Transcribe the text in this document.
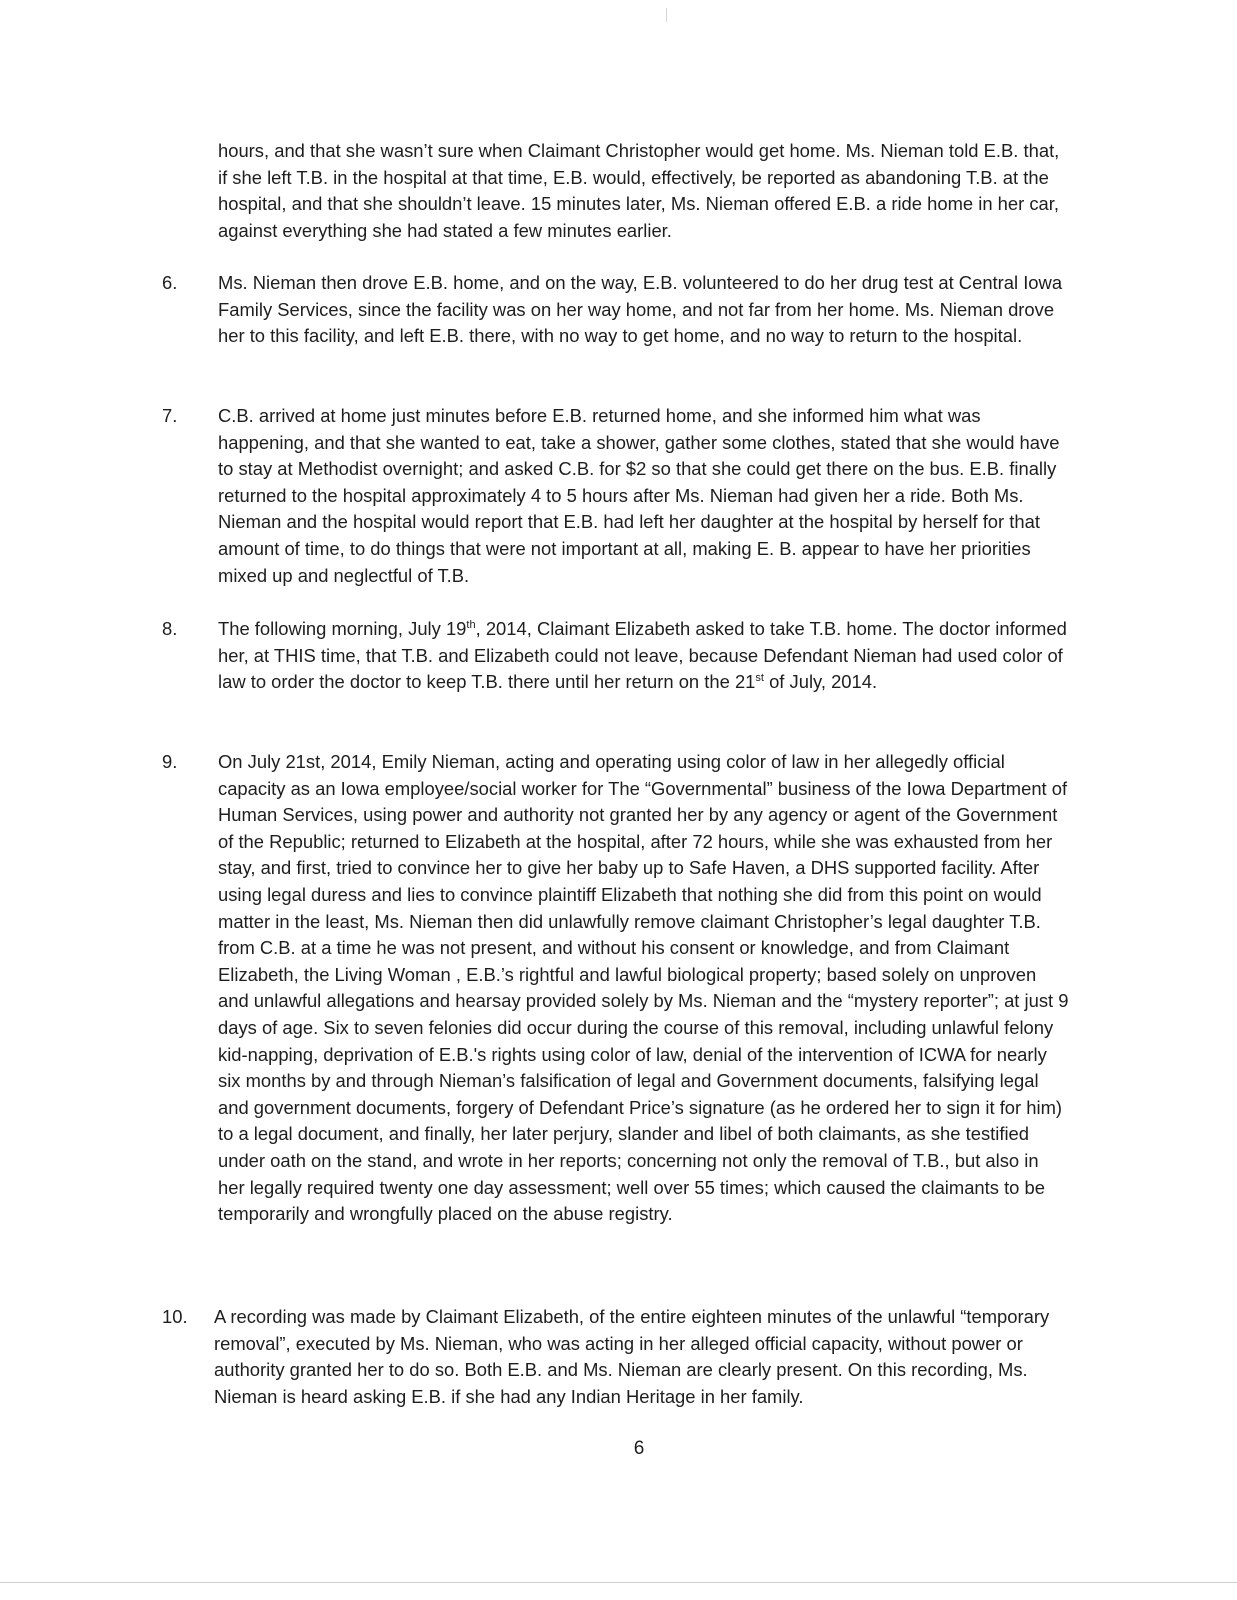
hours, and that she wasn’t sure when Claimant Christopher would get home. Ms. Nieman told E.B. that, if she left T.B. in the hospital at that time, E.B. would, effectively, be reported as abandoning T.B. at the hospital, and that she shouldn’t leave. 15 minutes later, Ms. Nieman offered E.B. a ride home in her car, against everything she had stated a few minutes earlier.

6. Ms. Nieman then drove E.B. home, and on the way, E.B. volunteered to do her drug test at Central Iowa Family Services, since the facility was on her way home, and not far from her home. Ms. Nieman drove her to this facility, and left E.B. there, with no way to get home, and no way to return to the hospital.

7. C.B. arrived at home just minutes before E.B. returned home, and she informed him what was happening, and that she wanted to eat, take a shower, gather some clothes, stated that she would have to stay at Methodist overnight; and asked C.B. for $2 so that she could get there on the bus. E.B. finally returned to the hospital approximately 4 to 5 hours after Ms. Nieman had given her a ride. Both Ms. Nieman and the hospital would report that E.B. had left her daughter at the hospital by herself for that amount of time, to do things that were not important at all, making E. B. appear to have her priorities mixed up and neglectful of T.B.

8. The following morning, July 19th, 2014, Claimant Elizabeth asked to take T.B. home. The doctor informed her, at THIS time, that T.B. and Elizabeth could not leave, because Defendant Nieman had used color of law to order the doctor to keep T.B. there until her return on the 21st of July, 2014.

9. On July 21st, 2014, Emily Nieman, acting and operating using color of law in her allegedly official capacity as an Iowa employee/social worker for The “Governmental” business of the Iowa Department of Human Services, using power and authority not granted her by any agency or agent of the Government of the Republic; returned to Elizabeth at the hospital, after 72 hours, while she was exhausted from her stay, and first, tried to convince her to give her baby up to Safe Haven, a DHS supported facility. After using legal duress and lies to convince plaintiff Elizabeth that nothing she did from this point on would matter in the least, Ms. Nieman then did unlawfully remove claimant Christopher’s legal daughter T.B. from C.B. at a time he was not present, and without his consent or knowledge, and from Claimant Elizabeth, the Living Woman , E.B.’s rightful and lawful biological property; based solely on unproven and unlawful allegations and hearsay provided solely by Ms. Nieman and the “mystery reporter”; at just 9 days of age. Six to seven felonies did occur during the course of this removal, including unlawful felony kid-napping, deprivation of E.B.'s rights using color of law, denial of the intervention of ICWA for nearly six months by and through Nieman’s falsification of legal and Government documents, falsifying legal and government documents, forgery of Defendant Price’s signature (as he ordered her to sign it for him) to a legal document, and finally, her later perjury, slander and libel of both claimants, as she testified under oath on the stand, and wrote in her reports; concerning not only the removal of T.B., but also in her legally required twenty one day assessment; well over 55 times; which caused the claimants to be temporarily and wrongfully placed on the abuse registry.

10. A recording was made by Claimant Elizabeth, of the entire eighteen minutes of the unlawful “temporary removal”, executed by Ms. Nieman, who was acting in her alleged official capacity, without power or authority granted her to do so. Both E.B. and Ms. Nieman are clearly present. On this recording, Ms. Nieman is heard asking E.B. if she had any Indian Heritage in her family.

6
